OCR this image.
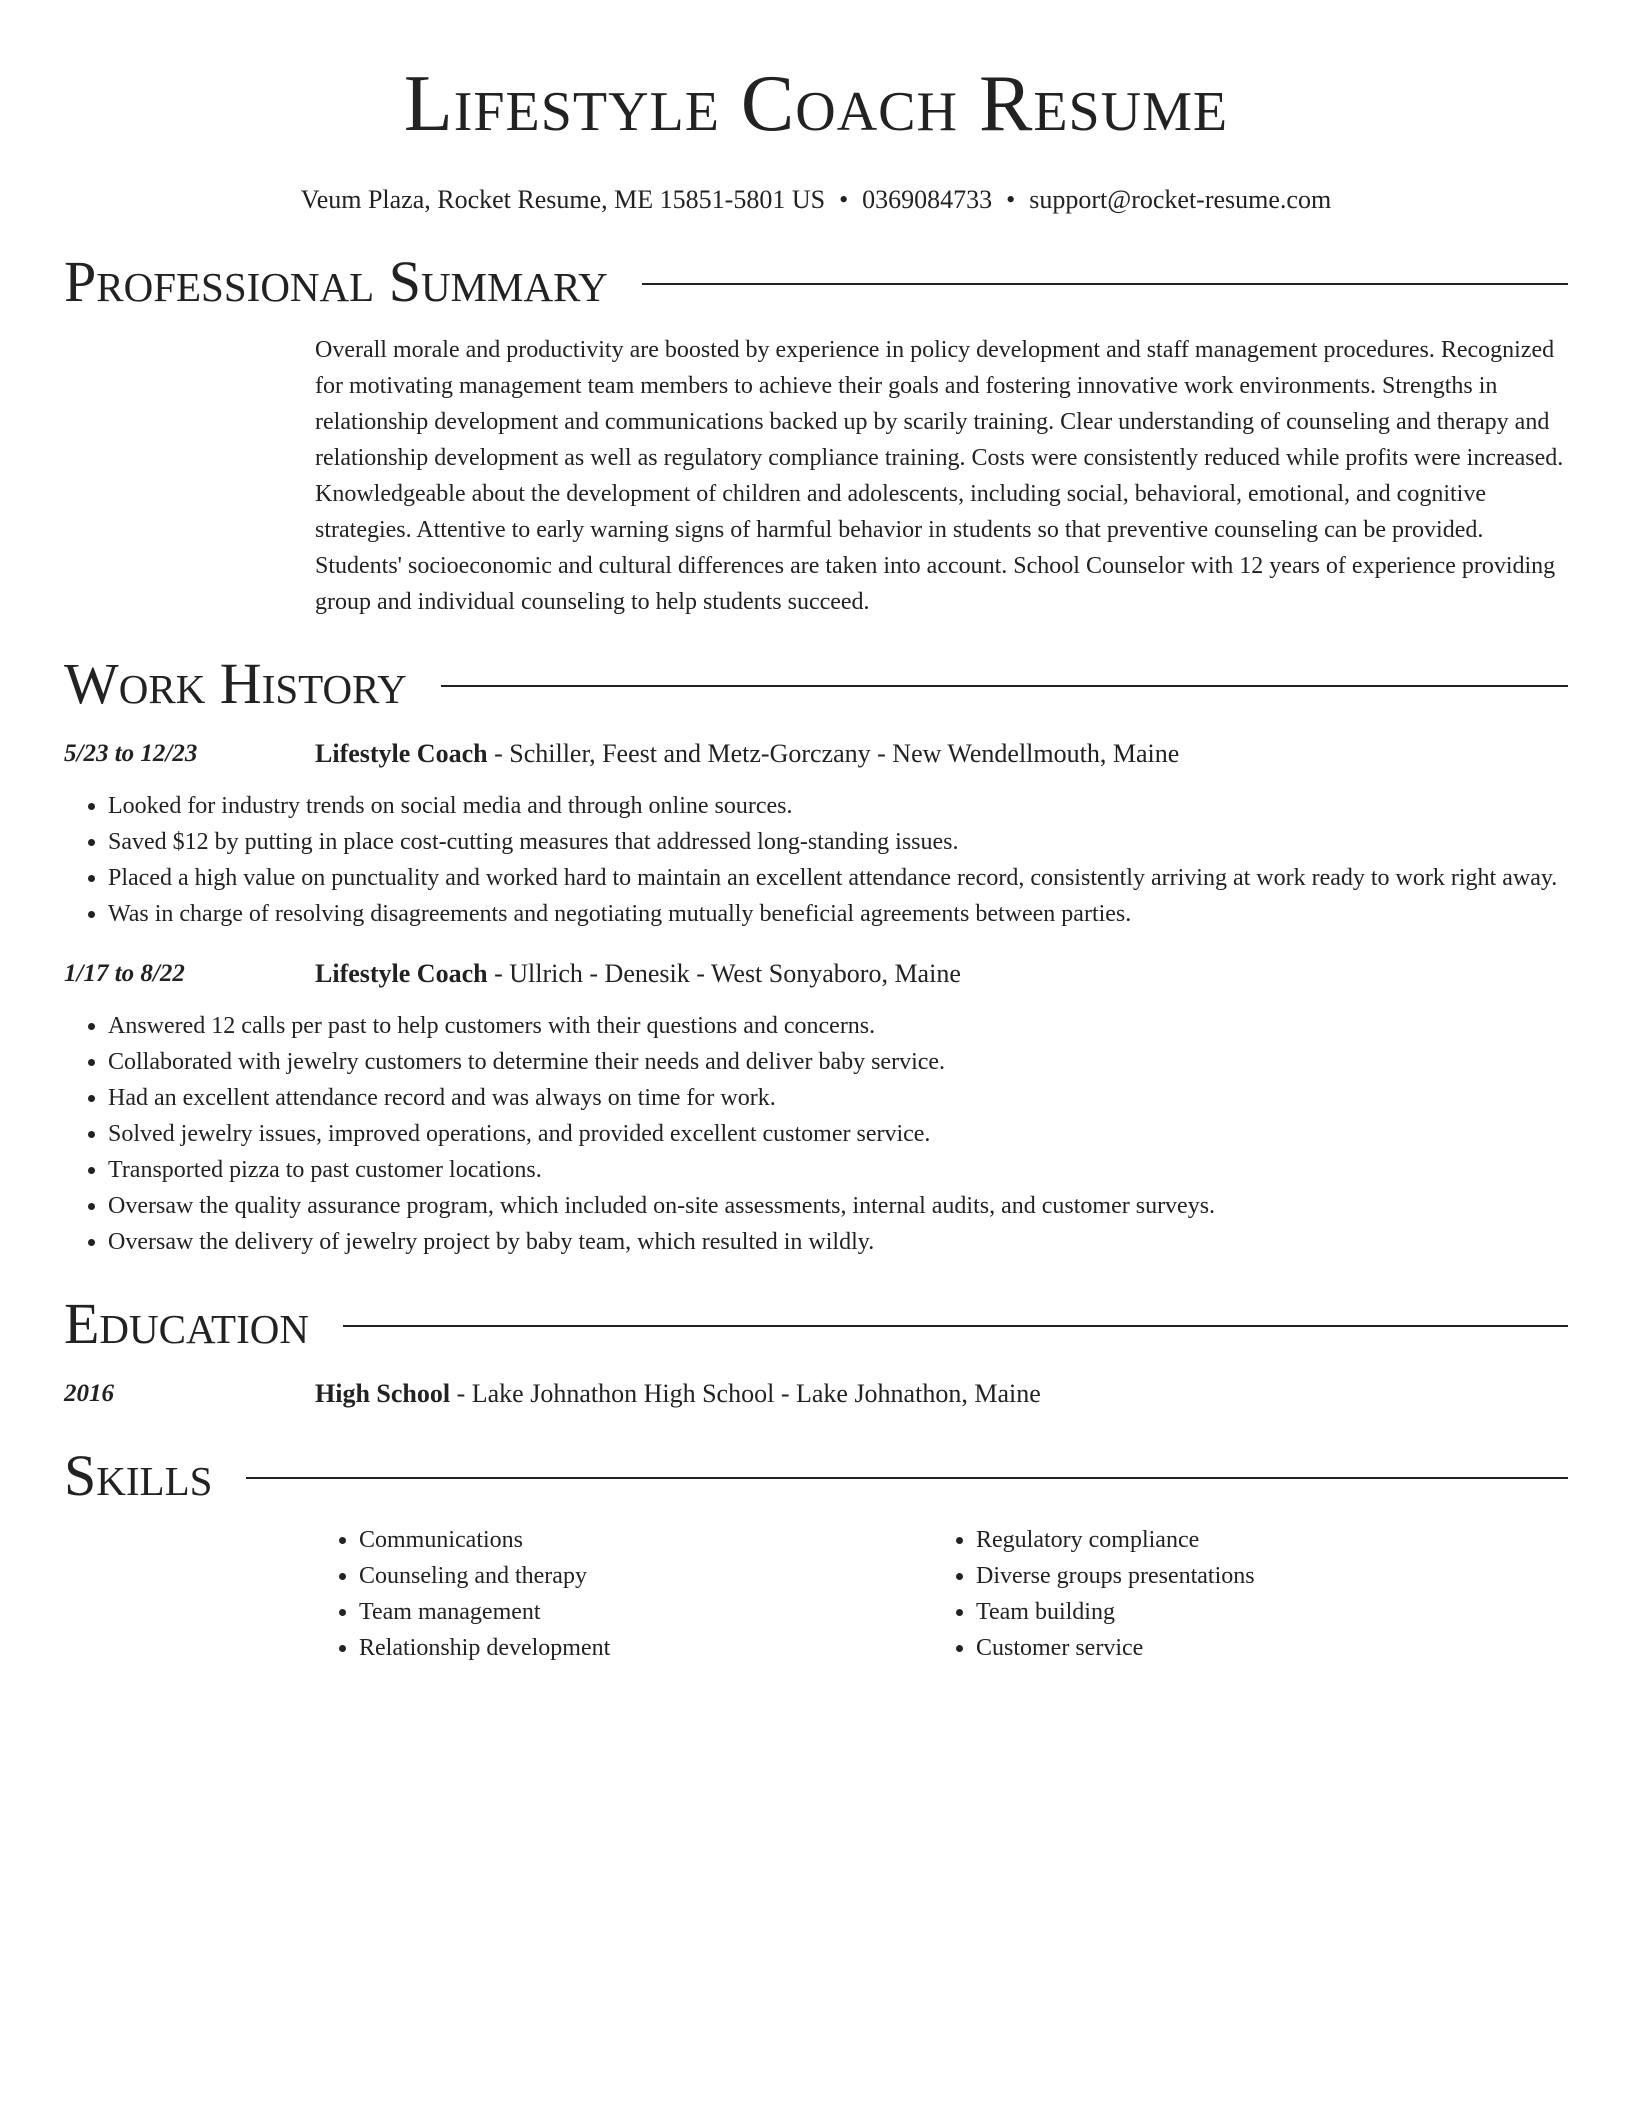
Lifestyle Coach Resume
Veum Plaza, Rocket Resume, ME 15851-5801 US • 0369084733 • support@rocket-resume.com
Professional Summary
Overall morale and productivity are boosted by experience in policy development and staff management procedures. Recognized for motivating management team members to achieve their goals and fostering innovative work environments. Strengths in relationship development and communications backed up by scarily training. Clear understanding of counseling and therapy and relationship development as well as regulatory compliance training. Costs were consistently reduced while profits were increased. Knowledgeable about the development of children and adolescents, including social, behavioral, emotional, and cognitive strategies. Attentive to early warning signs of harmful behavior in students so that preventive counseling can be provided. Students' socioeconomic and cultural differences are taken into account. School Counselor with 12 years of experience providing group and individual counseling to help students succeed.
Work History
5/23 to 12/23	Lifestyle Coach - Schiller, Feest and Metz-Gorczany - New Wendellmouth, Maine
• Looked for industry trends on social media and through online sources.
• Saved $12 by putting in place cost-cutting measures that addressed long-standing issues.
• Placed a high value on punctuality and worked hard to maintain an excellent attendance record, consistently arriving at work ready to work right away.
• Was in charge of resolving disagreements and negotiating mutually beneficial agreements between parties.
1/17 to 8/22	Lifestyle Coach - Ullrich - Denesik - West Sonyaboro, Maine
• Answered 12 calls per past to help customers with their questions and concerns.
• Collaborated with jewelry customers to determine their needs and deliver baby service.
• Had an excellent attendance record and was always on time for work.
• Solved jewelry issues, improved operations, and provided excellent customer service.
• Transported pizza to past customer locations.
• Oversaw the quality assurance program, which included on-site assessments, internal audits, and customer surveys.
• Oversaw the delivery of jewelry project by baby team, which resulted in wildly.
Education
2016	High School - Lake Johnathon High School - Lake Johnathon, Maine
Skills
• Communications
• Counseling and therapy
• Team management
• Relationship development
• Regulatory compliance
• Diverse groups presentations
• Team building
• Customer service
